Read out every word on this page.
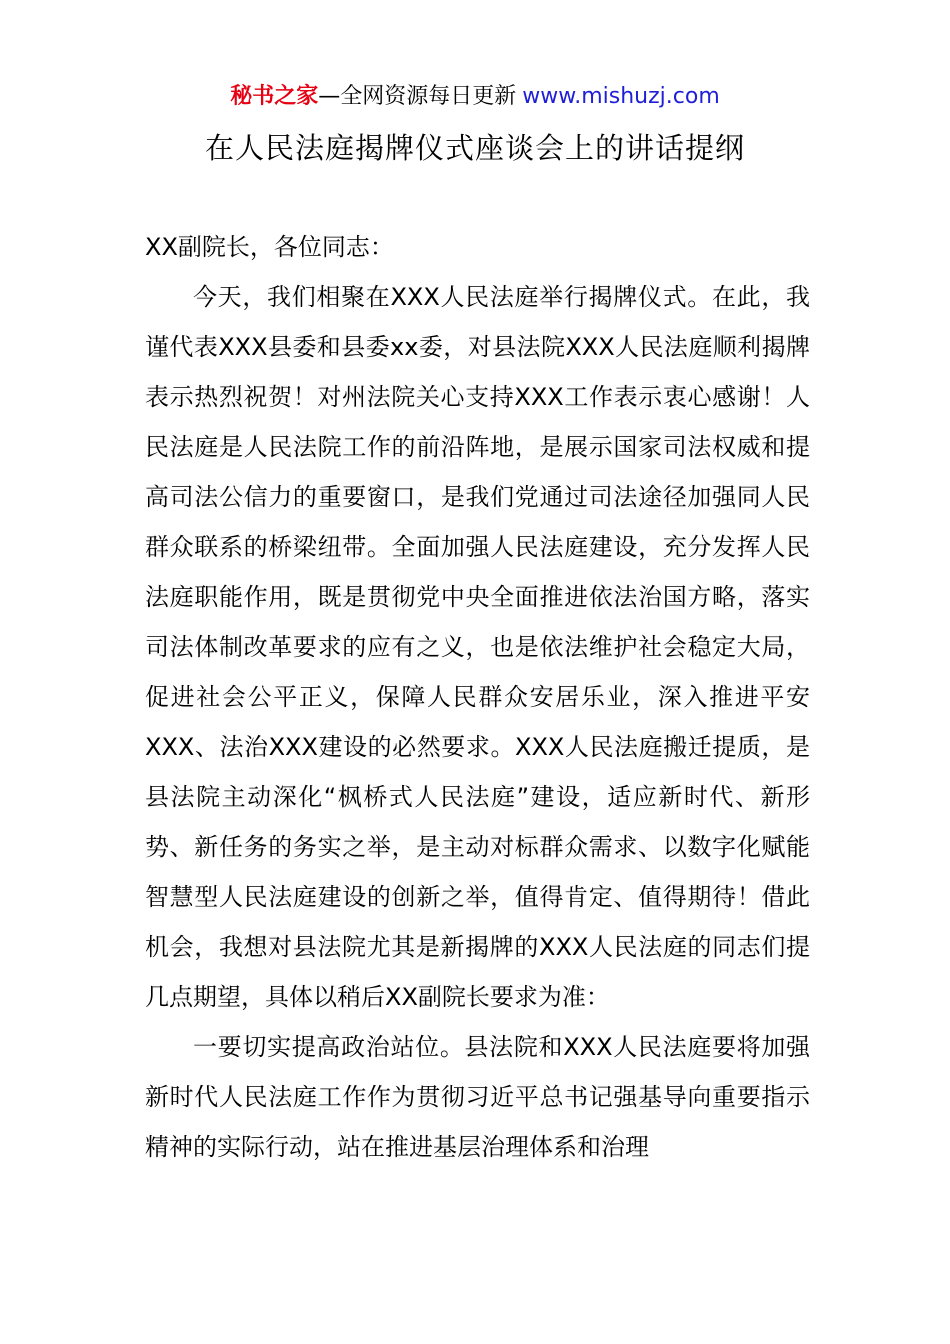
秘书之家—全网资源每日更新 www.mishuzj.com
在人民法庭揭牌仪式座谈会上的讲话提纲

XX副院长，各位同志：

今天，我们相聚在XXX人民法庭举行揭牌仪式。在此，我谨代表XXX县委和县委xx委，对县法院XXX人民法庭顺利揭牌表示热烈祝贺！对州法院关心支持XXX工作表示衷心感谢！人民法庭是人民法院工作的前沿阵地，是展示国家司法权威和提高司法公信力的重要窗口，是我们党通过司法途径加强同人民群众联系的桥梁纽带。全面加强人民法庭建设，充分发挥人民法庭职能作用，既是贯彻党中央全面推进依法治国方略，落实司法体制改革要求的应有之义，也是依法维护社会稳定大局，促进社会公平正义，保障人民群众安居乐业，深入推进平安XXX、法治XXX建设的必然要求。XXX人民法庭搬迁提质，是县法院主动深化“枫桥式人民法庭”建设，适应新时代、新形势、新任务的务实之举，是主动对标群众需求、以数字化赋能智慧型人民法庭建设的创新之举，值得肯定、值得期待！借此机会，我想对县法院尤其是新揭牌的XXX人民法庭的同志们提几点期望，具体以稍后XX副院长要求为准：

一要切实提高政治站位。县法院和XXX人民法庭要将加强新时代人民法庭工作作为贯彻习近平总书记强基导向重要指示精神的实际行动，站在推进基层治理体系和治理
